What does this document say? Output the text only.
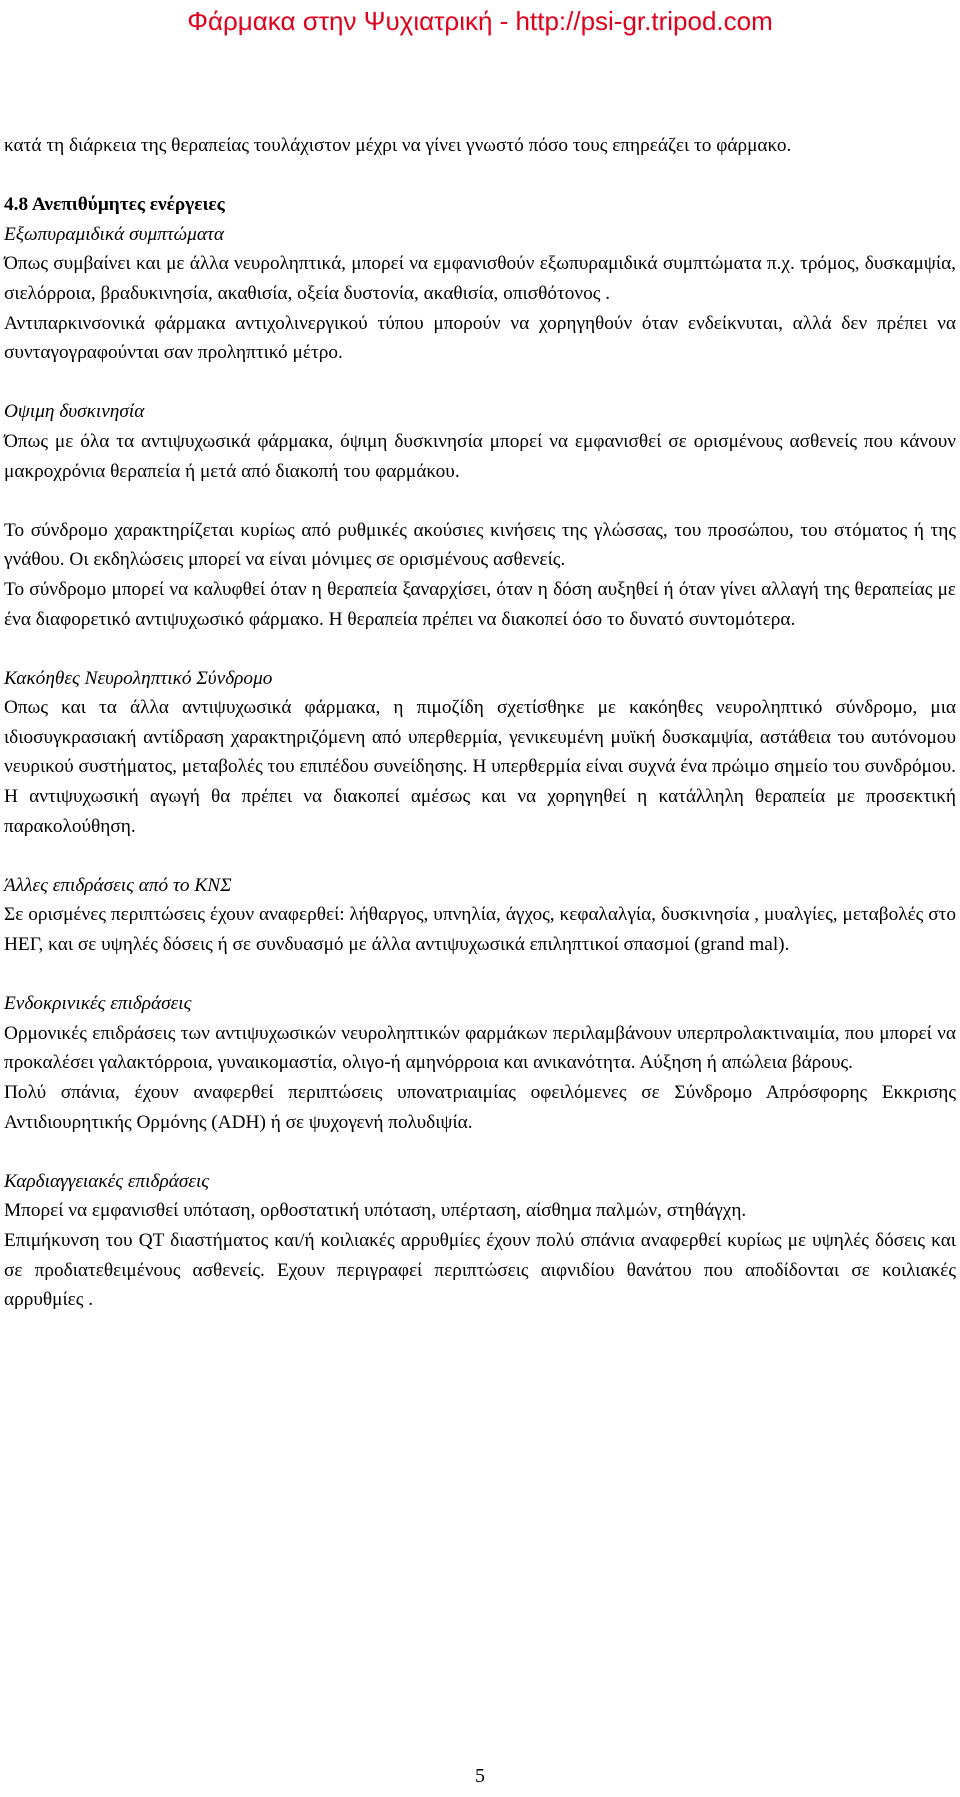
Φάρμακα στην Ψυχιατρική - http://psi-gr.tripod.com

κατά τη διάρκεια της θεραπείας τουλάχιστον μέχρι να γίνει γνωστό πόσο τους επηρεάζει το φάρμακο.

4.8 Ανεπιθύμητες ενέργειες

Εξωπυραμιδικά συμπτώματα

Όπως συμβαίνει και με άλλα νευροληπτικά, μπορεί να εμφανισθούν εξωπυραμιδικά συμπτώματα π.χ. τρόμος, δυσκαμψία, σιελόρροια, βραδυκινησία, ακαθισία, οξεία δυστονία, ακαθισία, οπισθότονος .

Αντιπαρκινσονικά φάρμακα αντιχολινεργικού τύπου μπορούν να χορηγηθούν όταν ενδείκνυται, αλλά δεν πρέπει να συνταγογραφούνται σαν προληπτικό μέτρο.

Οψιμη δυσκινησία

Όπως με όλα τα αντιψυχωσικά φάρμακα, όψιμη δυσκινησία μπορεί να εμφανισθεί σε ορισμένους ασθενείς που κάνουν μακροχρόνια θεραπεία ή μετά από διακοπή του φαρμάκου.

Το σύνδρομο χαρακτηρίζεται κυρίως από ρυθμικές ακούσιες κινήσεις της γλώσσας, του προσώπου, του στόματος ή της γνάθου. Οι εκδηλώσεις μπορεί να είναι μόνιμες σε ορισμένους ασθενείς.

Το σύνδρομο μπορεί να καλυφθεί όταν η θεραπεία ξαναρχίσει, όταν η δόση αυξηθεί ή όταν γίνει αλλαγή της θεραπείας με ένα διαφορετικό αντιψυχωσικό φάρμακο. Η θεραπεία πρέπει να διακοπεί όσο το δυνατό συντομότερα.

Κακόηθες Νευροληπτικό Σύνδρομο

Οπως και τα άλλα αντιψυχωσικά φάρμακα, η πιμοζίδη σχετίσθηκε με κακόηθες νευροληπτικό σύνδρομο, μια ιδιοσυγκρασιακή αντίδραση χαρακτηριζόμενη από υπερθερμία, γενικευμένη μυϊκή δυσκαμψία, αστάθεια του αυτόνομου νευρικού συστήματος, μεταβολές του επιπέδου συνείδησης. Η υπερθερμία είναι συχνά ένα πρώιμο σημείο του συνδρόμου. Η αντιψυχωσική αγωγή θα πρέπει να διακοπεί αμέσως και να χορηγηθεί η κατάλληλη θεραπεία με προσεκτική παρακολούθηση.

Άλλες επιδράσεις από το ΚΝΣ

Σε ορισμένες περιπτώσεις έχουν αναφερθεί: λήθαργος, υπνηλία, άγχος, κεφαλαλγία, δυσκινησία , μυαλγίες, μεταβολές στο ΗΕΓ, και σε υψηλές δόσεις ή σε συνδυασμό με άλλα αντιψυχωσικά επιληπτικοί σπασμοί (grand mal).

Ενδοκρινικές επιδράσεις

Ορμονικές επιδράσεις των αντιψυχωσικών νευροληπτικών φαρμάκων περιλαμβάνουν υπερπρολακτιναιμία, που μπορεί να προκαλέσει γαλακτόρροια, γυναικομαστία, ολιγο-ή αμηνόρροια και ανικανότητα. Αύξηση ή απώλεια βάρους.

Πολύ σπάνια, έχουν αναφερθεί περιπτώσεις υπονατριαιμίας οφειλόμενες σε Σύνδρομο Απρόσφορης Εκκρισης Αντιδιουρητικής Ορμόνης (ADH) ή σε ψυχογενή πολυδιψία.

Καρδιαγγειακές επιδράσεις

Μπορεί να εμφανισθεί υπόταση, ορθοστατική υπόταση, υπέρταση, αίσθημα παλμών, στηθάγχη.

Επιμήκυνση του QT διαστήματος και/ή κοιλιακές αρρυθμίες έχουν πολύ σπάνια αναφερθεί κυρίως με υψηλές δόσεις και σε προδιατεθειμένους ασθενείς. Εχουν περιγραφεί περιπτώσεις αιφνιδίου θανάτου που αποδίδονται σε κοιλιακές αρρυθμίες .

5
